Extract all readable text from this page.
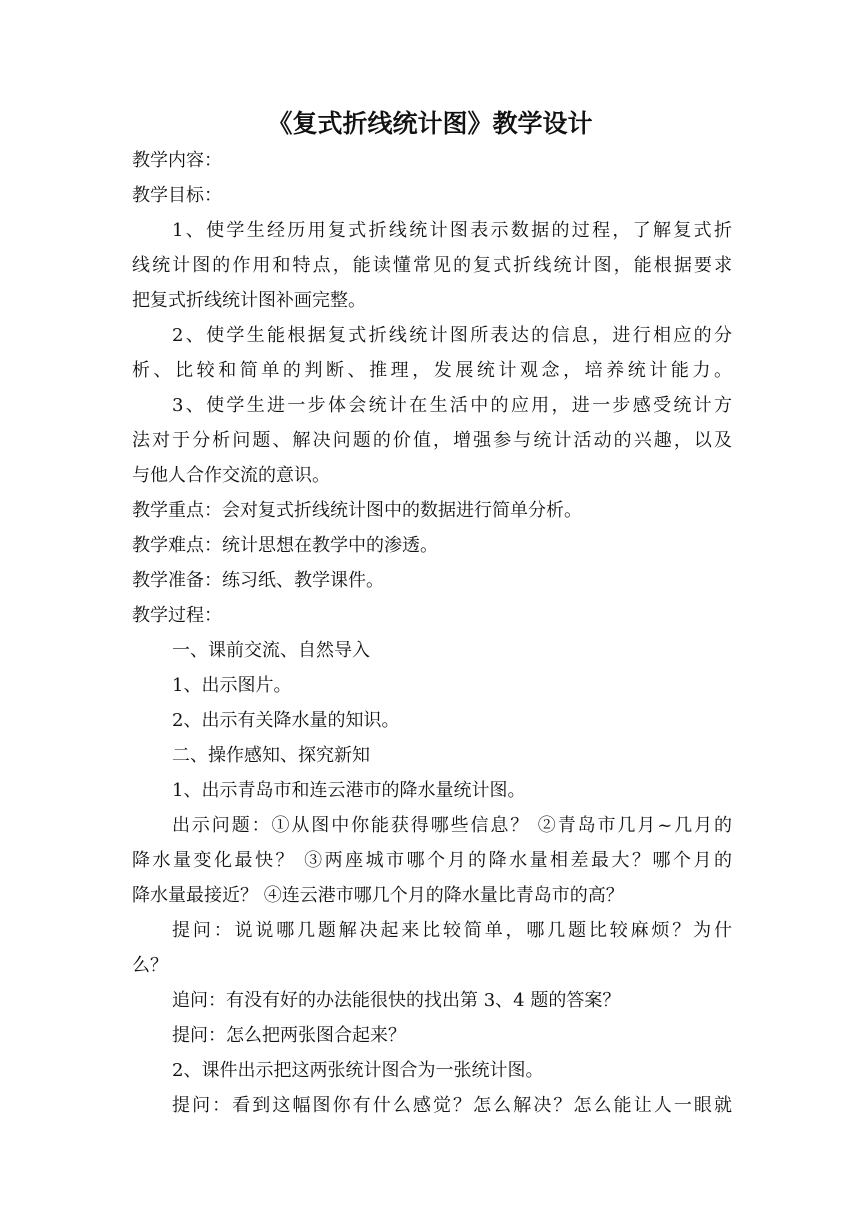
《复式折线统计图》教学设计
教学内容：
教学目标：
1、使学生经历用复式折线统计图表示数据的过程，了解复式折
线统计图的作用和特点，能读懂常见的复式折线统计图，能根据要求
把复式折线统计图补画完整。
2、使学生能根据复式折线统计图所表达的信息，进行相应的分
析、比较和简单的判断、推理，发展统计观念，培养统计能力。
3、使学生进一步体会统计在生活中的应用，进一步感受统计方
法对于分析问题、解决问题的价值，增强参与统计活动的兴趣，以及
与他人合作交流的意识。
教学重点：会对复式折线统计图中的数据进行简单分析。
教学难点：统计思想在教学中的渗透。
教学准备：练习纸、教学课件。
教学过程：
一、课前交流、自然导入
1、出示图片。
2、出示有关降水量的知识。
二、操作感知、探究新知
1、出示青岛市和连云港市的降水量统计图。
出示问题：①从图中你能获得哪些信息？ ②青岛市几月~几月的
降水量变化最快？ ③两座城市哪个月的降水量相差最大？哪个月的
降水量最接近？ ④连云港市哪几个月的降水量比青岛市的高？
提问：说说哪几题解决起来比较简单，哪几题比较麻烦？为什
么？
追问：有没有好的办法能很快的找出第 3、4 题的答案？
提问：怎么把两张图合起来？
2、课件出示把这两张统计图合为一张统计图。
提问：看到这幅图你有什么感觉？怎么解决？怎么能让人一眼就
